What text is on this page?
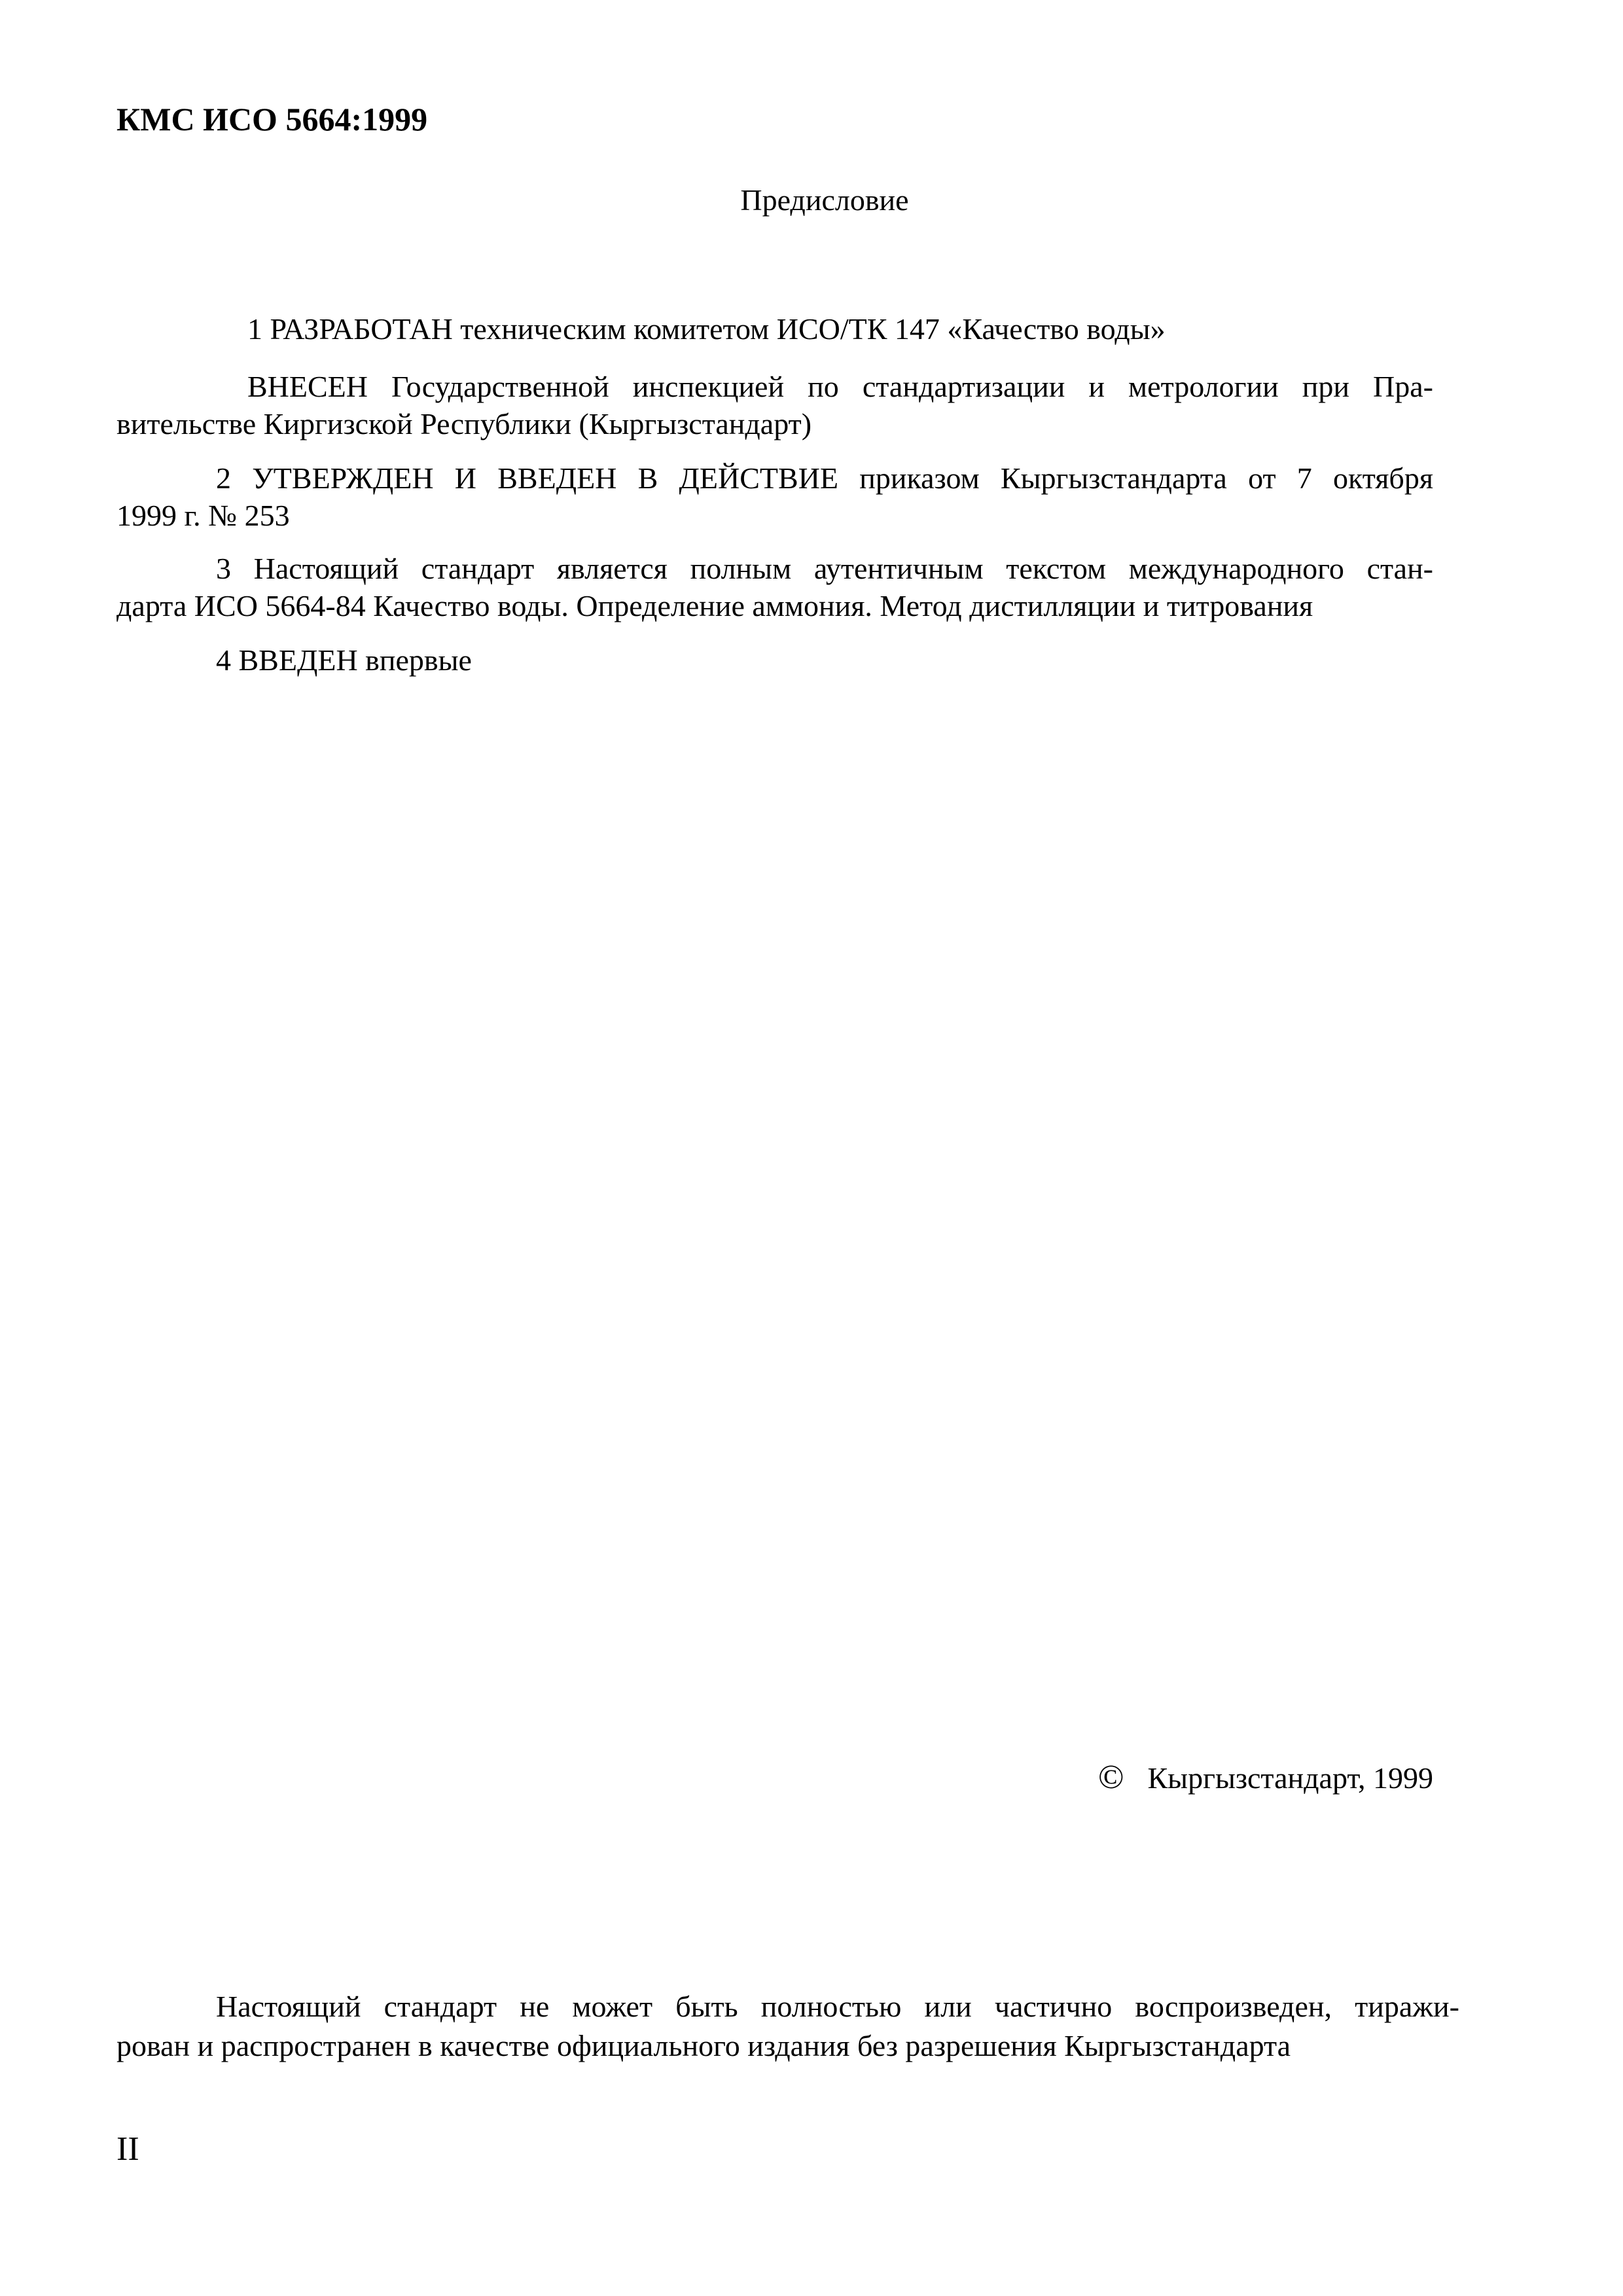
КМС ИСО 5664:1999
Предисловие
1 РАЗРАБОТАН техническим комитетом ИСО/ТК 147 «Качество воды»
ВНЕСЕН Государственной инспекцией по стандартизации и метрологии при Пра-
вительстве Киргизской Республики (Кыргызстандарт)
2 УТВЕРЖДЕН И ВВЕДЕН В ДЕЙСТВИЕ приказом Кыргызстандарта от 7 октября
1999 г. № 253
3 Настоящий стандарт является полным аутентичным текстом международного стан-
дарта ИСО 5664-84 Качество воды. Определение аммония. Метод дистилляции и титрования
4 ВВЕДЕН впервые
© Кыргызстандарт, 1999
Настоящий стандарт не может быть полностью или частично воспроизведен, тиражи-
рован и распространен в качестве официального издания без разрешения Кыргызстандарта
II
